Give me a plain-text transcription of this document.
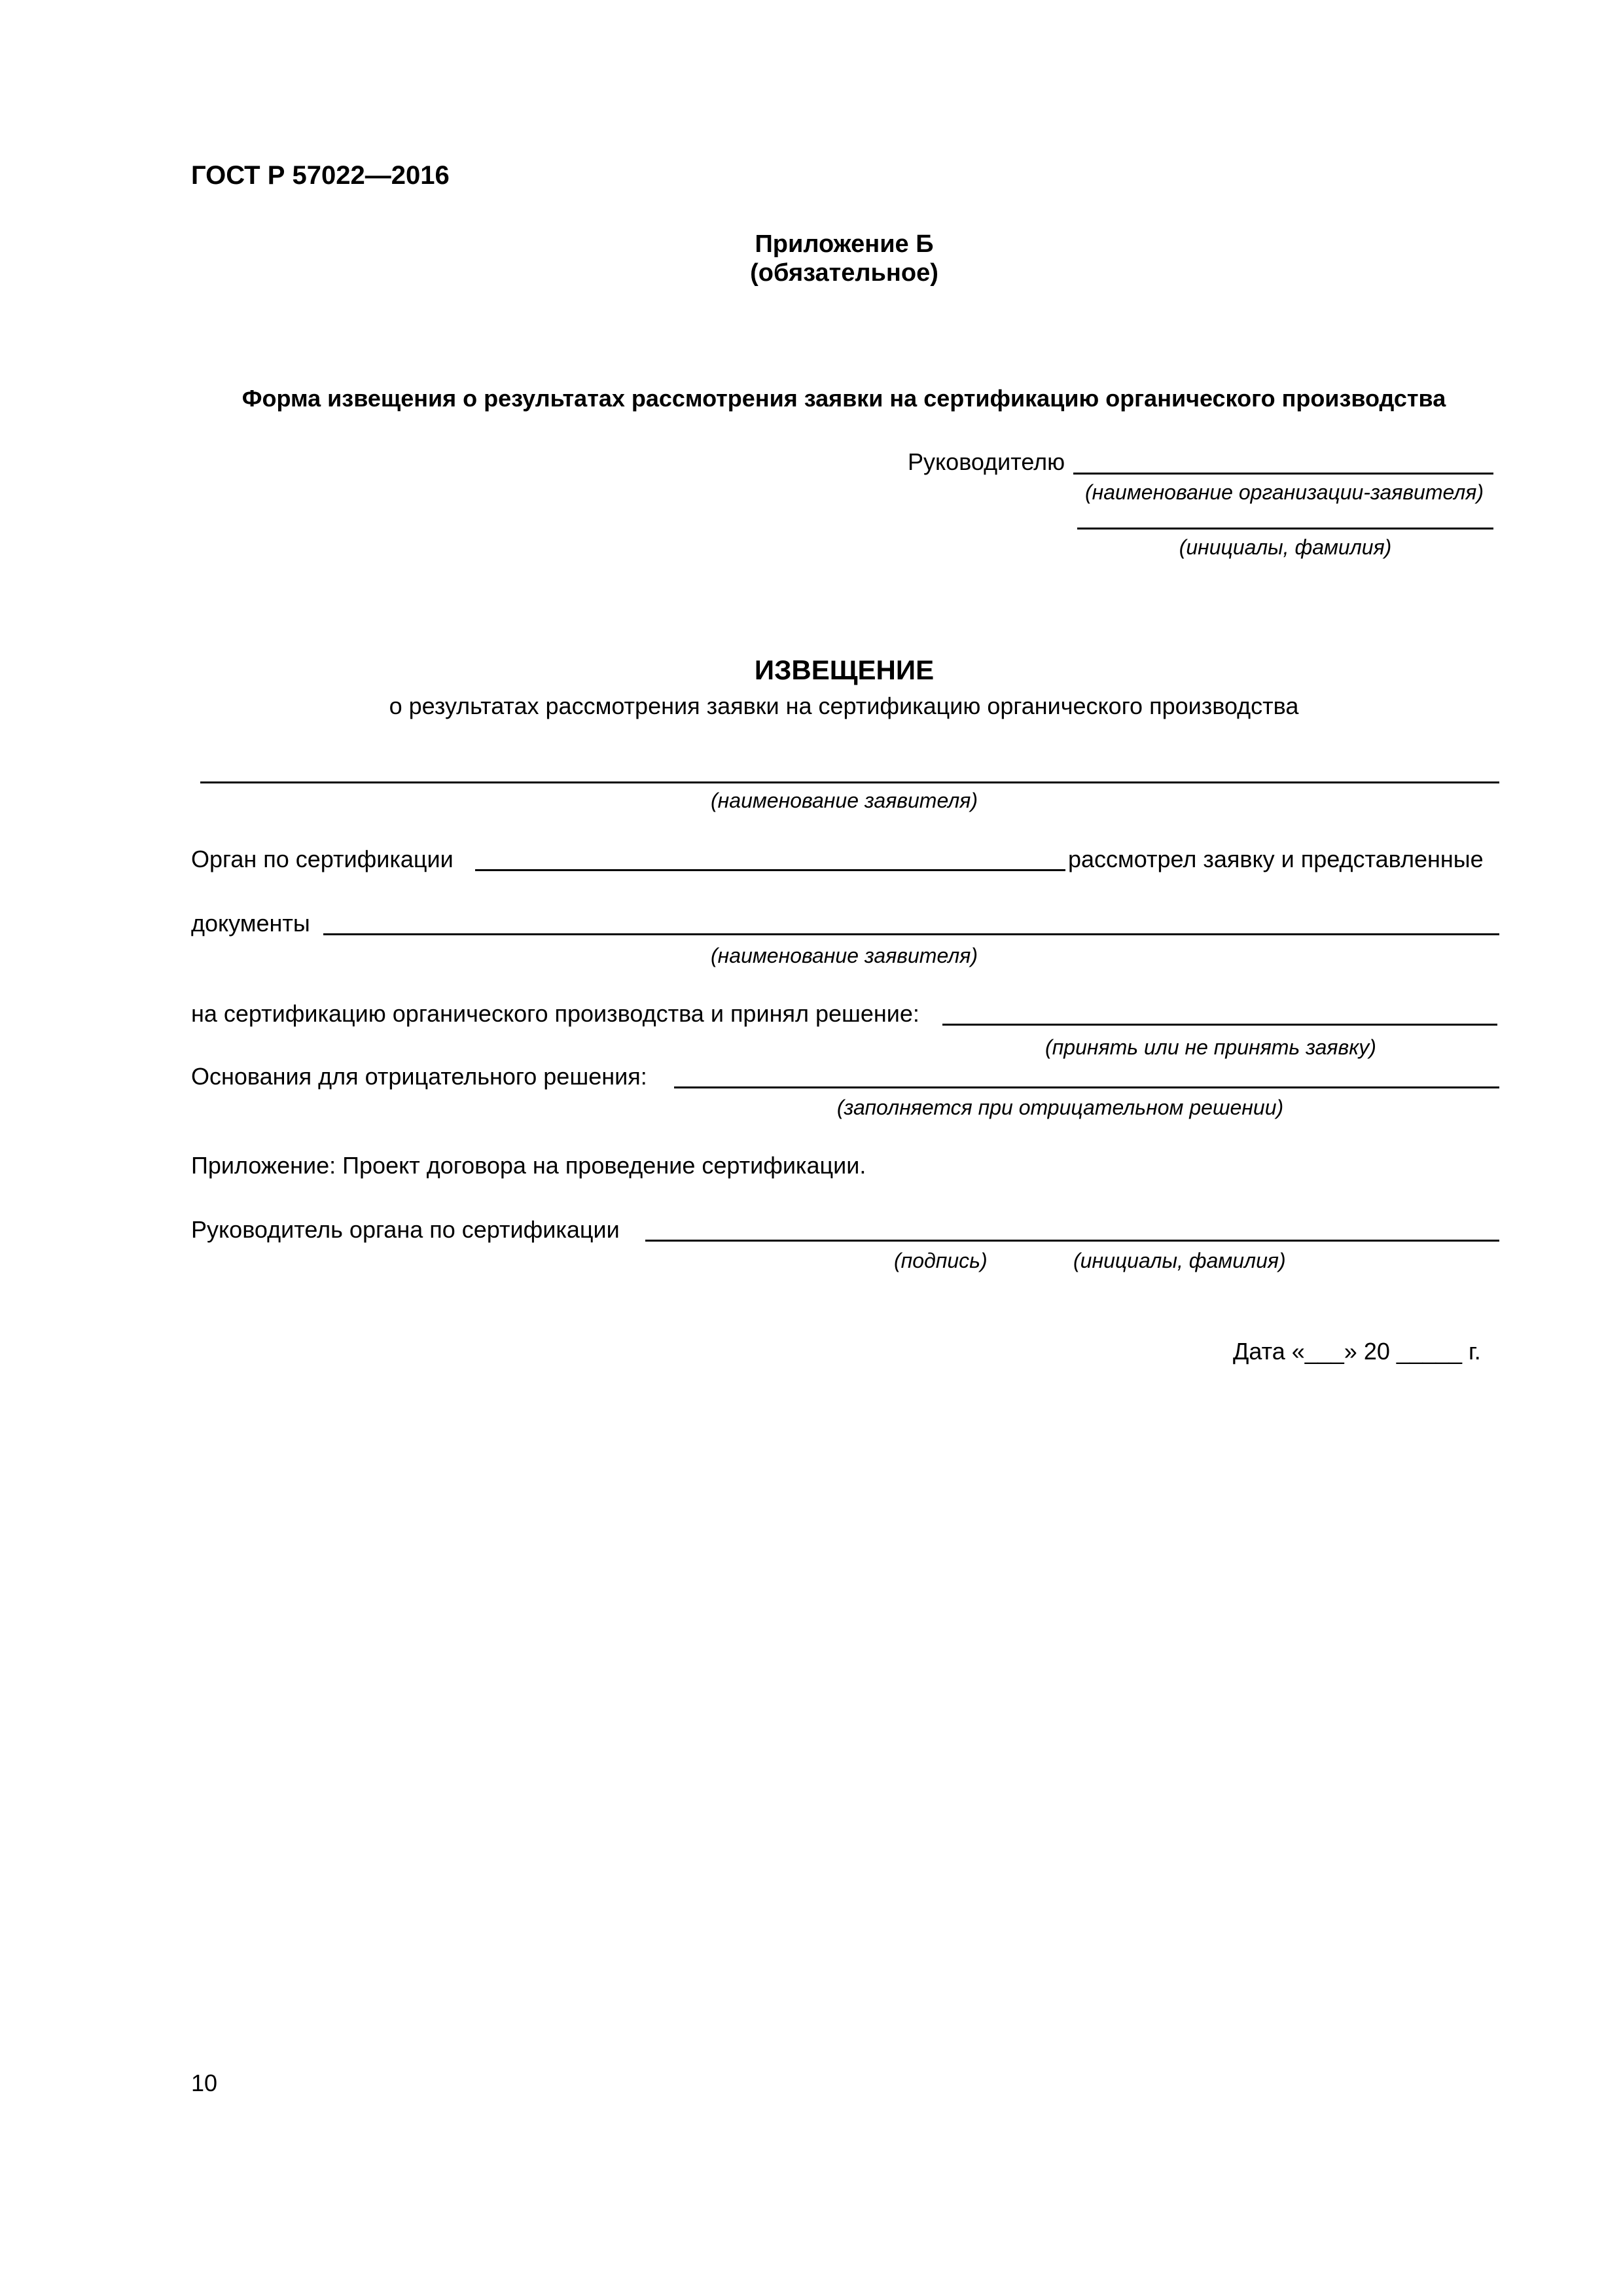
ГОСТ Р 57022—2016
Приложение Б
(обязательное)
Форма извещения о результатах рассмотрения заявки на сертификацию органического производства
Руководителю
(наименование организации-заявителя)
(инициалы, фамилия)
ИЗВЕЩЕНИЕ
о результатах рассмотрения заявки на сертификацию органического производства
(наименование заявителя)
Орган по сертификации	рассмотрел заявку и представленные
документы
(наименование заявителя)
на сертификацию органического производства и принял решение:
(принять или не принять заявку)
Основания для отрицательного решения:
(заполняется при отрицательном решении)
Приложение: Проект договора на проведение сертификации.
Руководитель органа по сертификации
(подпись)	(инициалы, фамилия)
Дата «___» 20 _____ г.
10
